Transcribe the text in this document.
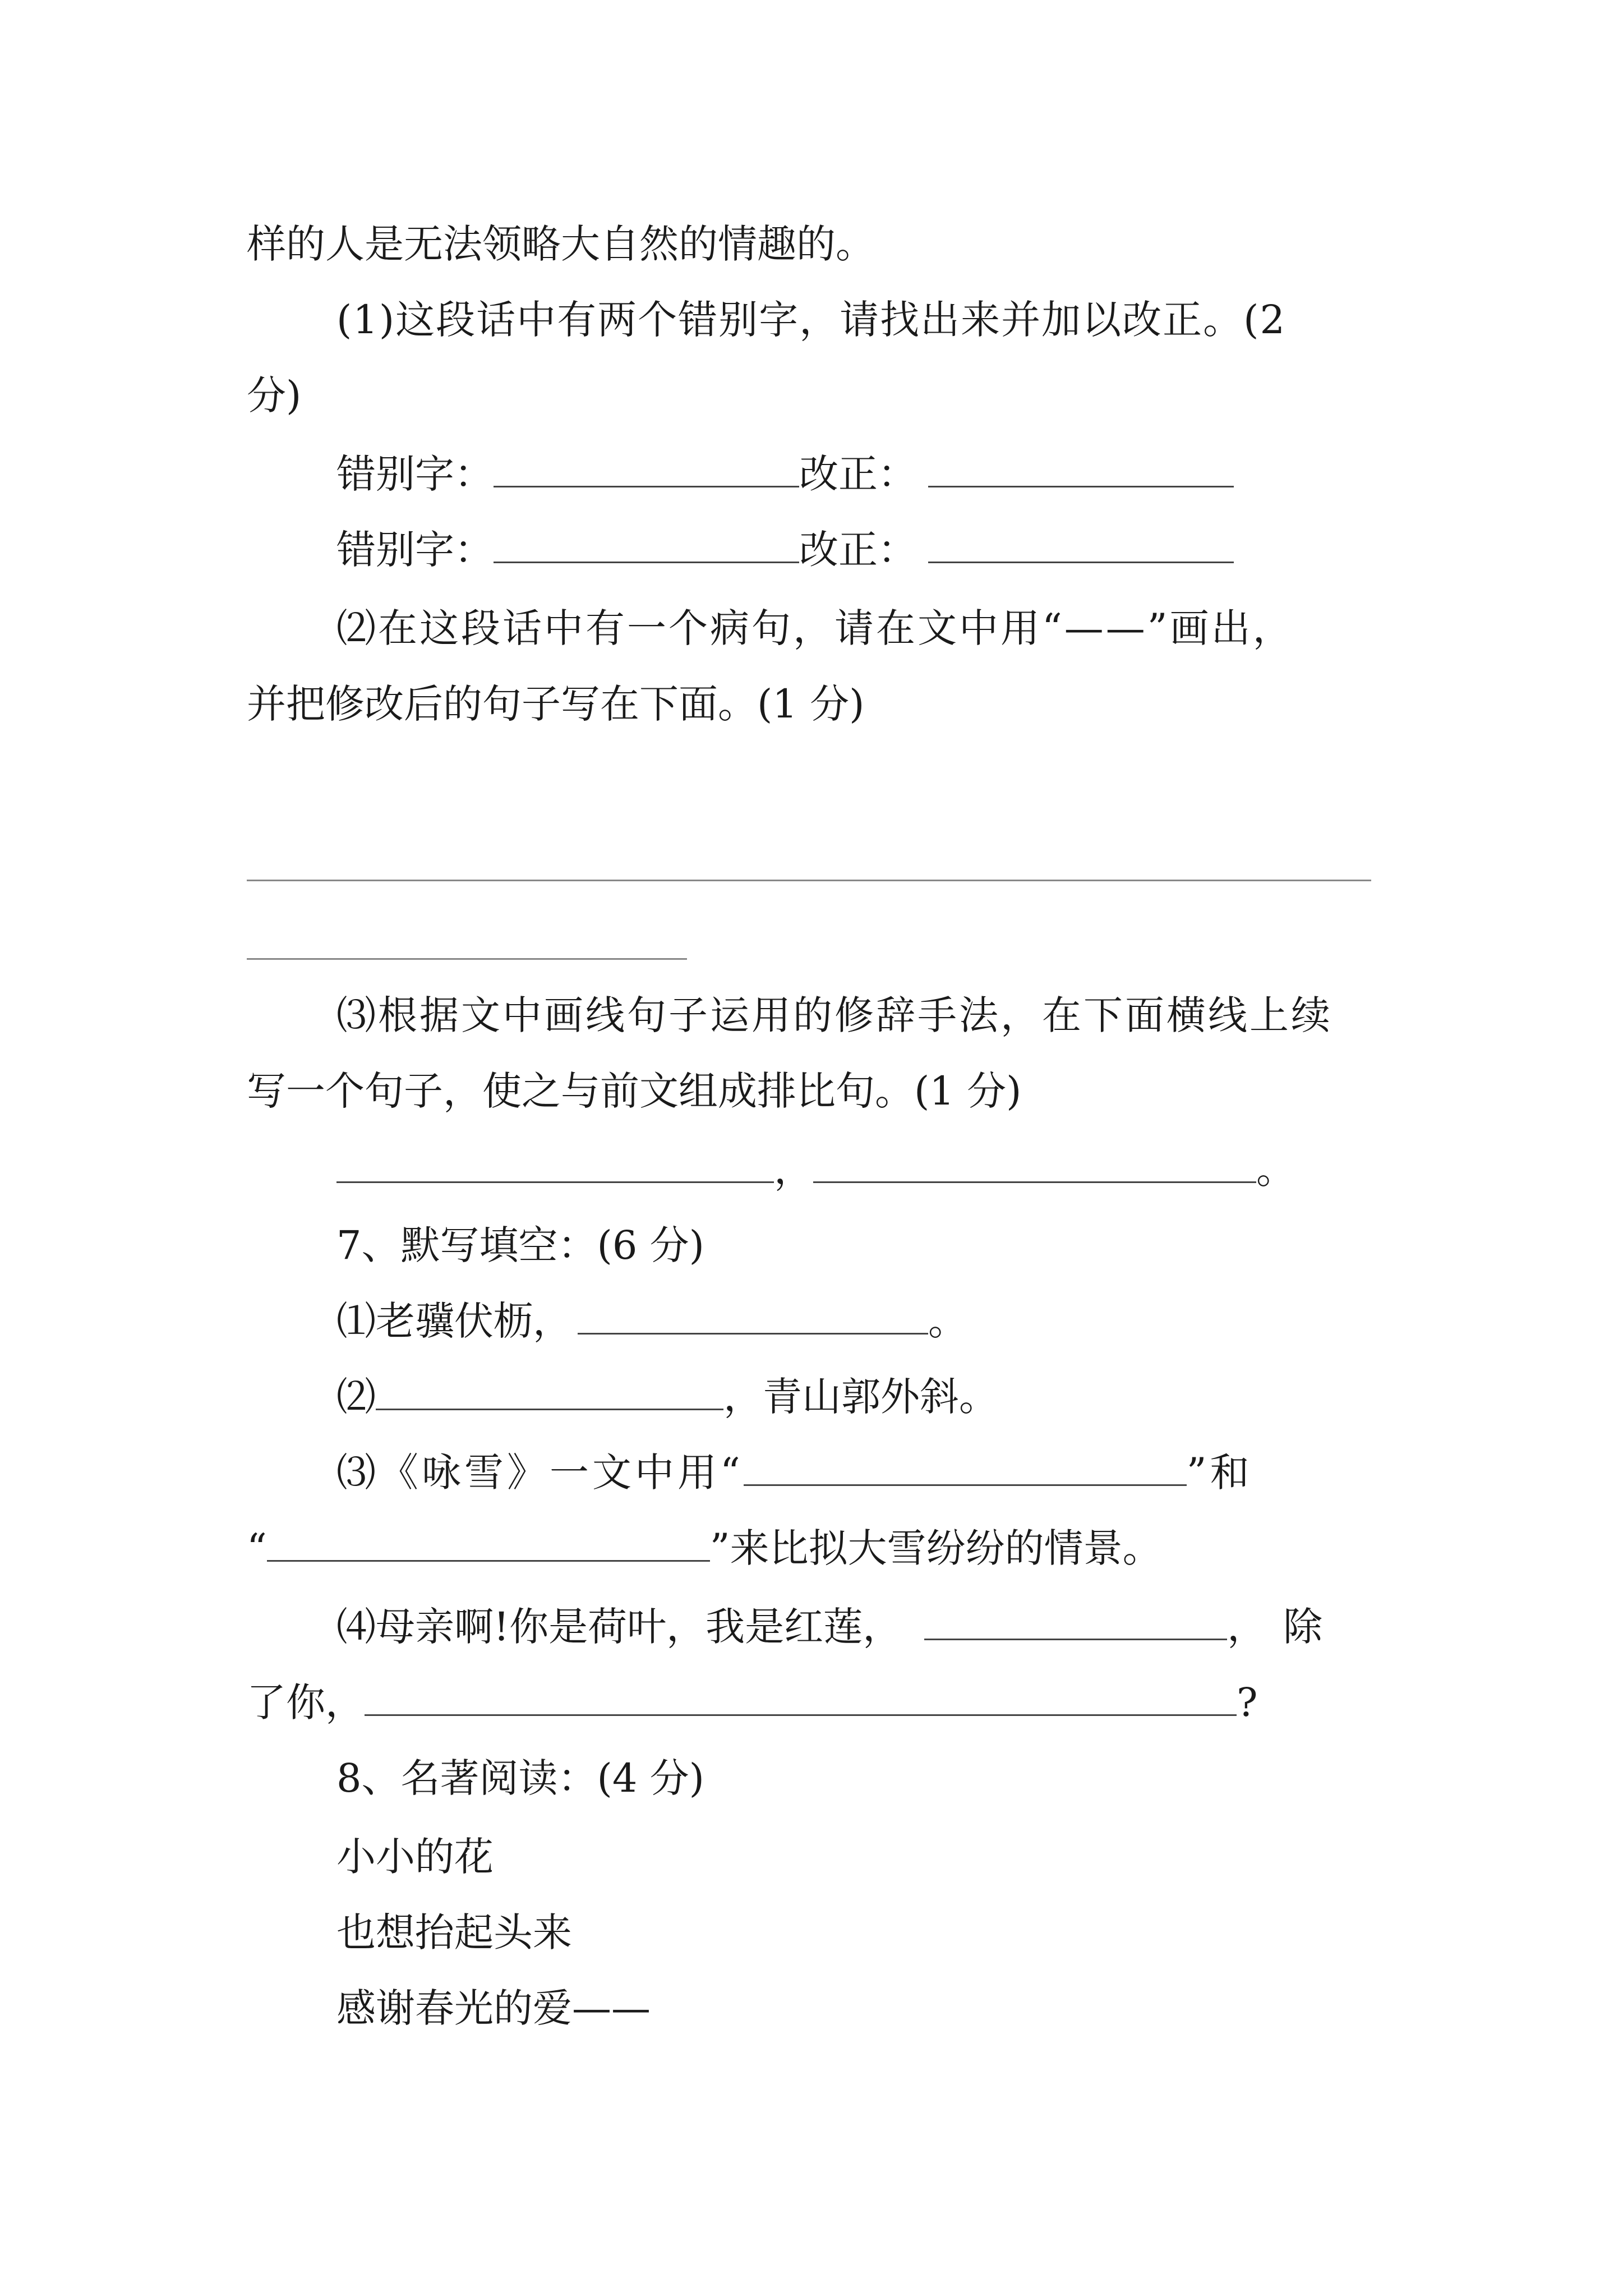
样的人是无法领略大自然的情趣的。
(1)这段话中有两个错别字，请找出来并加以改正。(2
分)
错别字：	改正：
错别字：	改正：
⑵在这段话中有一个病句，请在文中用“——”画出，
并把修改后的句子写在下面。(1 分)
⑶根据文中画线句子运用的修辞手法，在下面横线上续
写一个句子，使之与前文组成排比句。(1 分)
，	。
7、默写填空：(6 分)
⑴老骥伏枥，	。
⑵	，青山郭外斜。
⑶《咏雪》一文中用“	”和
“	”来比拟大雪纷纷的情景。
⑷母亲啊!你是荷叶，我是红莲，	，除
了你，	?
8、名著阅读：(4 分)
小小的花
也想抬起头来
感谢春光的爱——
